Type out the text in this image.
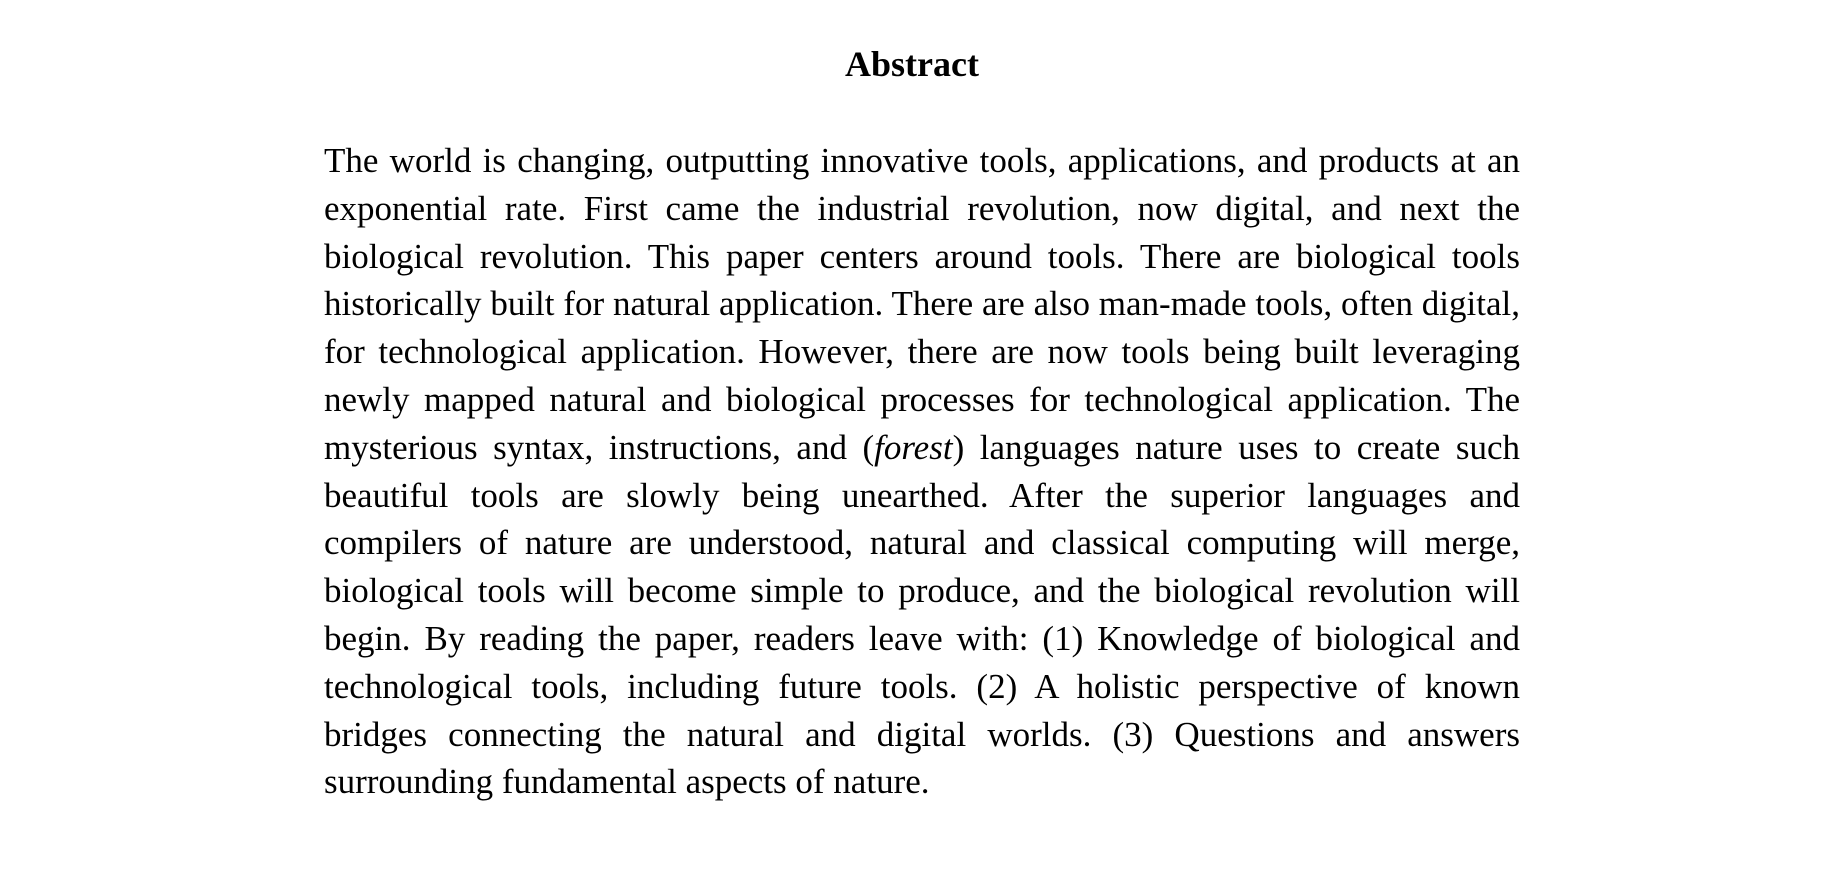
Abstract

The world is changing, outputting innovative tools, applications, and products at an exponential rate. First came the industrial revolution, now digital, and next the biological revolution. This paper centers around tools. There are biological tools historically built for natural application. There are also man-made tools, often digital, for technological application. However, there are now tools being built leveraging newly mapped natural and biological processes for technological application. The mysterious syntax, instructions, and (forest) languages nature uses to create such beautiful tools are slowly being unearthed. After the superior languages and compilers of nature are understood, natural and classical computing will merge, biological tools will become simple to produce, and the biological revolution will begin. By reading the paper, readers leave with: (1) Knowledge of biological and technological tools, including future tools. (2) A holistic perspective of known bridges connecting the natural and digital worlds. (3) Questions and answers surrounding fundamental aspects of nature.
